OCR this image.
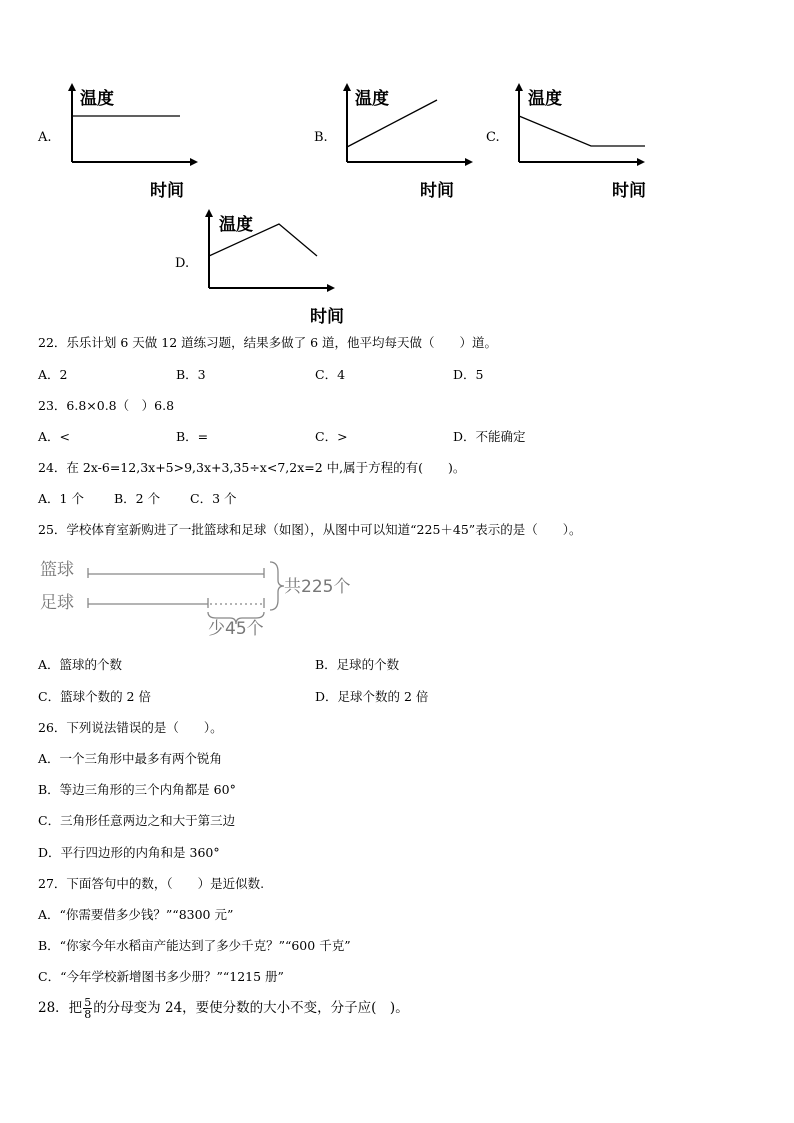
A.
温度
时间
B.
温度
时间
C.
温度
时间
D.
温度
时间
22．乐乐计划 6 天做 12 道练习题，结果多做了 6 道，他平均每天做（　　）道。
A．2	B．3	C．4	D．5
23．6.8×0.8（　）6.8
A．<	B．=	C．>	D．不能确定
24．在 2x-6=12,3x+5>9,3x+3,35÷x<7,2x=2 中,属于方程的有(　　)。
A．1 个 B．2 个 C．3 个
25．学校体育室新购进了一批篮球和足球（如图），从图中可以知道“225＋45”表示的是（　　）。
篮球
足球
共225个
少45个
A．篮球的个数	B．足球的个数
C．篮球个数的 2 倍	D．足球个数的 2 倍
26．下列说法错误的是（　　）。
A．一个三角形中最多有两个锐角
B．等边三角形的三个内角都是 60°
C．三角形任意两边之和大于第三边
D．平行四边形的内角和是 360°
27．下面答句中的数，（　　）是近似数.
A．“你需要借多少钱？”“8300 元”
B．“你家今年水稻亩产能达到了多少千克？”“600 千克”
C．“今年学校新增图书多少册？”“1215 册”
28．把 $\frac{5}{8}$ 的分母变为 24，要使分数的大小不变，分子应(　)。
